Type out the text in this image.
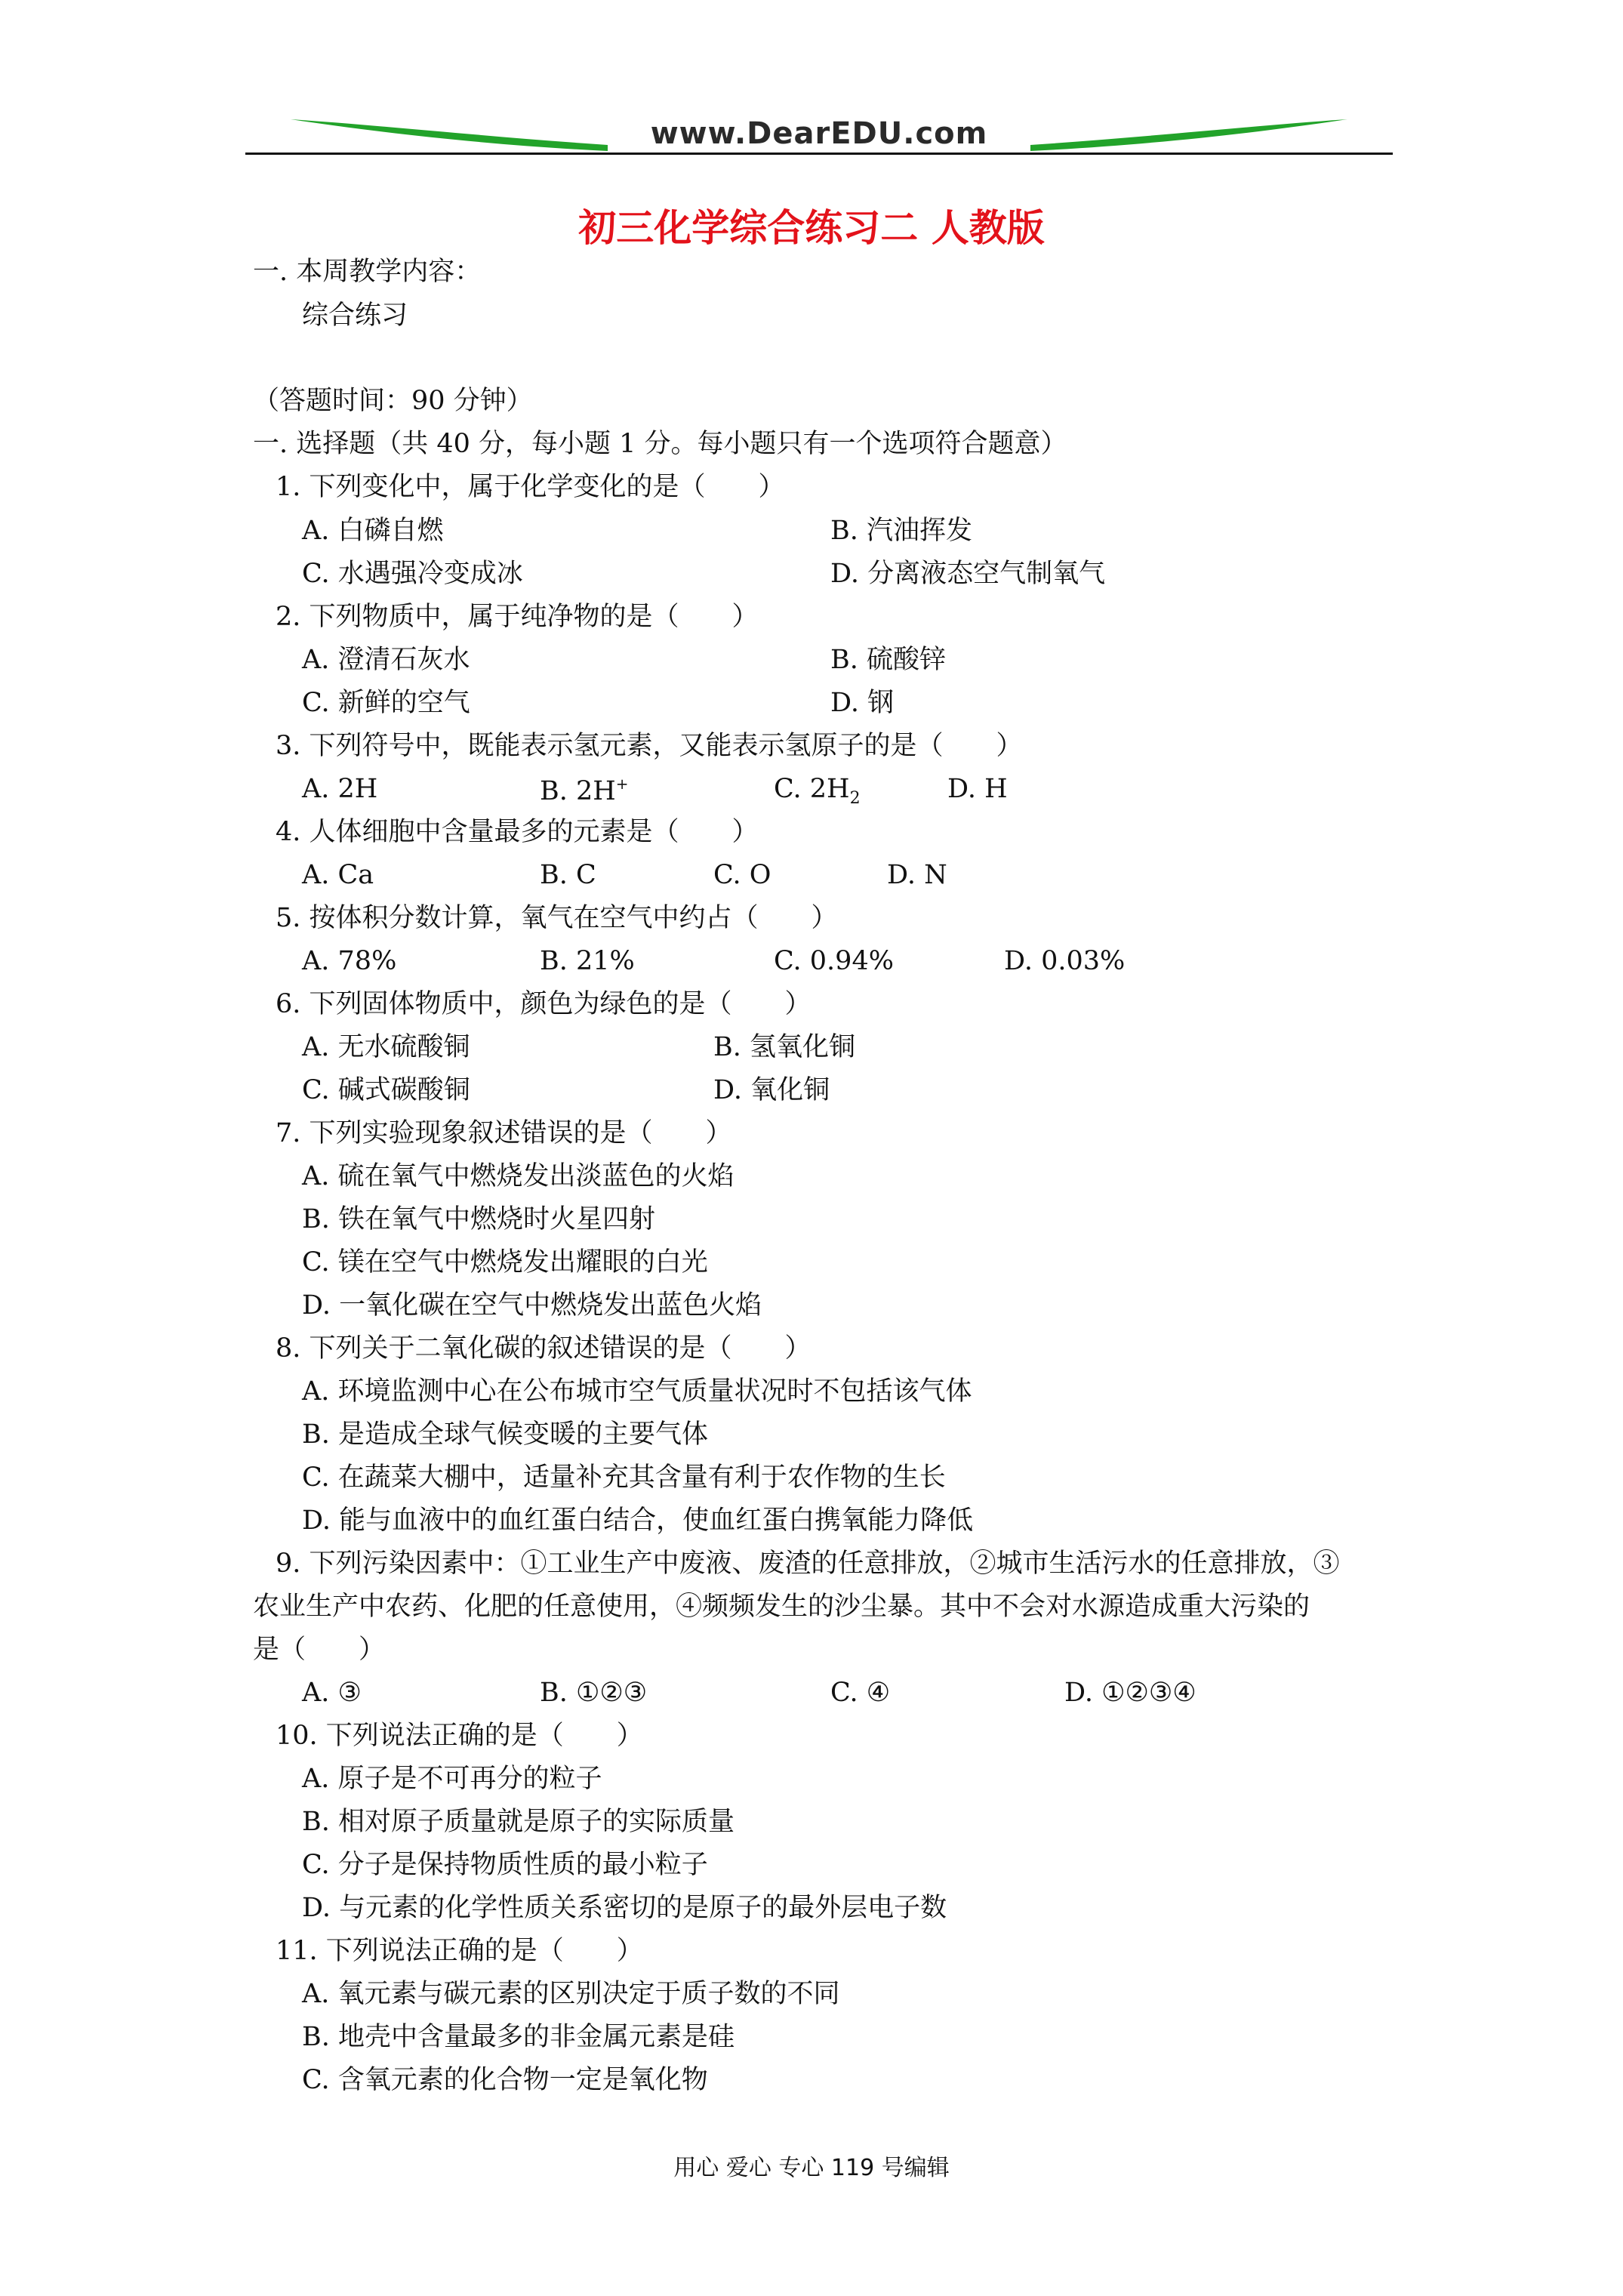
www.DearEDU.com
初三化学综合练习二 人教版
一. 本周教学内容：
综合练习
（答题时间：90 分钟）
一. 选择题（共 40 分，每小题 1 分。每小题只有一个选项符合题意）
1. 下列变化中，属于化学变化的是（　　）
A. 白磷自燃	B. 汽油挥发
C. 水遇强冷变成冰	D. 分离液态空气制氧气
2. 下列物质中，属于纯净物的是（　　）
A. 澄清石灰水	B. 硫酸锌
C. 新鲜的空气	D. 钢
3. 下列符号中，既能表示氢元素，又能表示氢原子的是（　　）
A. 2H	B. 2H+	C. $2H_2$	D. H
4. 人体细胞中含量最多的元素是（　　）
A. Ca	B. C	C. O	D. N
5. 按体积分数计算，氧气在空气中约占（　　）
A. 78%	B. 21%	C. 0.94%	D. 0.03%
6. 下列固体物质中，颜色为绿色的是（　　）
A. 无水硫酸铜	B. 氢氧化铜
C. 碱式碳酸铜	D. 氧化铜
7. 下列实验现象叙述错误的是（　　）
A. 硫在氧气中燃烧发出淡蓝色的火焰
B. 铁在氧气中燃烧时火星四射
C. 镁在空气中燃烧发出耀眼的白光
D. 一氧化碳在空气中燃烧发出蓝色火焰
8. 下列关于二氧化碳的叙述错误的是（　　）
A. 环境监测中心在公布城市空气质量状况时不包括该气体
B. 是造成全球气候变暖的主要气体
C. 在蔬菜大棚中，适量补充其含量有利于农作物的生长
D. 能与血液中的血红蛋白结合，使血红蛋白携氧能力降低
9. 下列污染因素中：①工业生产中废液、废渣的任意排放，②城市生活污水的任意排放，③
农业生产中农药、化肥的任意使用，④频频发生的沙尘暴。其中不会对水源造成重大污染的
是（　　）
A. ③	B. ①②③	C. ④	D. ①②③④
10. 下列说法正确的是（　　）
A. 原子是不可再分的粒子
B. 相对原子质量就是原子的实际质量
C. 分子是保持物质性质的最小粒子
D. 与元素的化学性质关系密切的是原子的最外层电子数
11. 下列说法正确的是（　　）
A. 氧元素与碳元素的区别决定于质子数的不同
B. 地壳中含量最多的非金属元素是硅
C. 含氧元素的化合物一定是氧化物
用心 爱心 专心 119 号编辑
